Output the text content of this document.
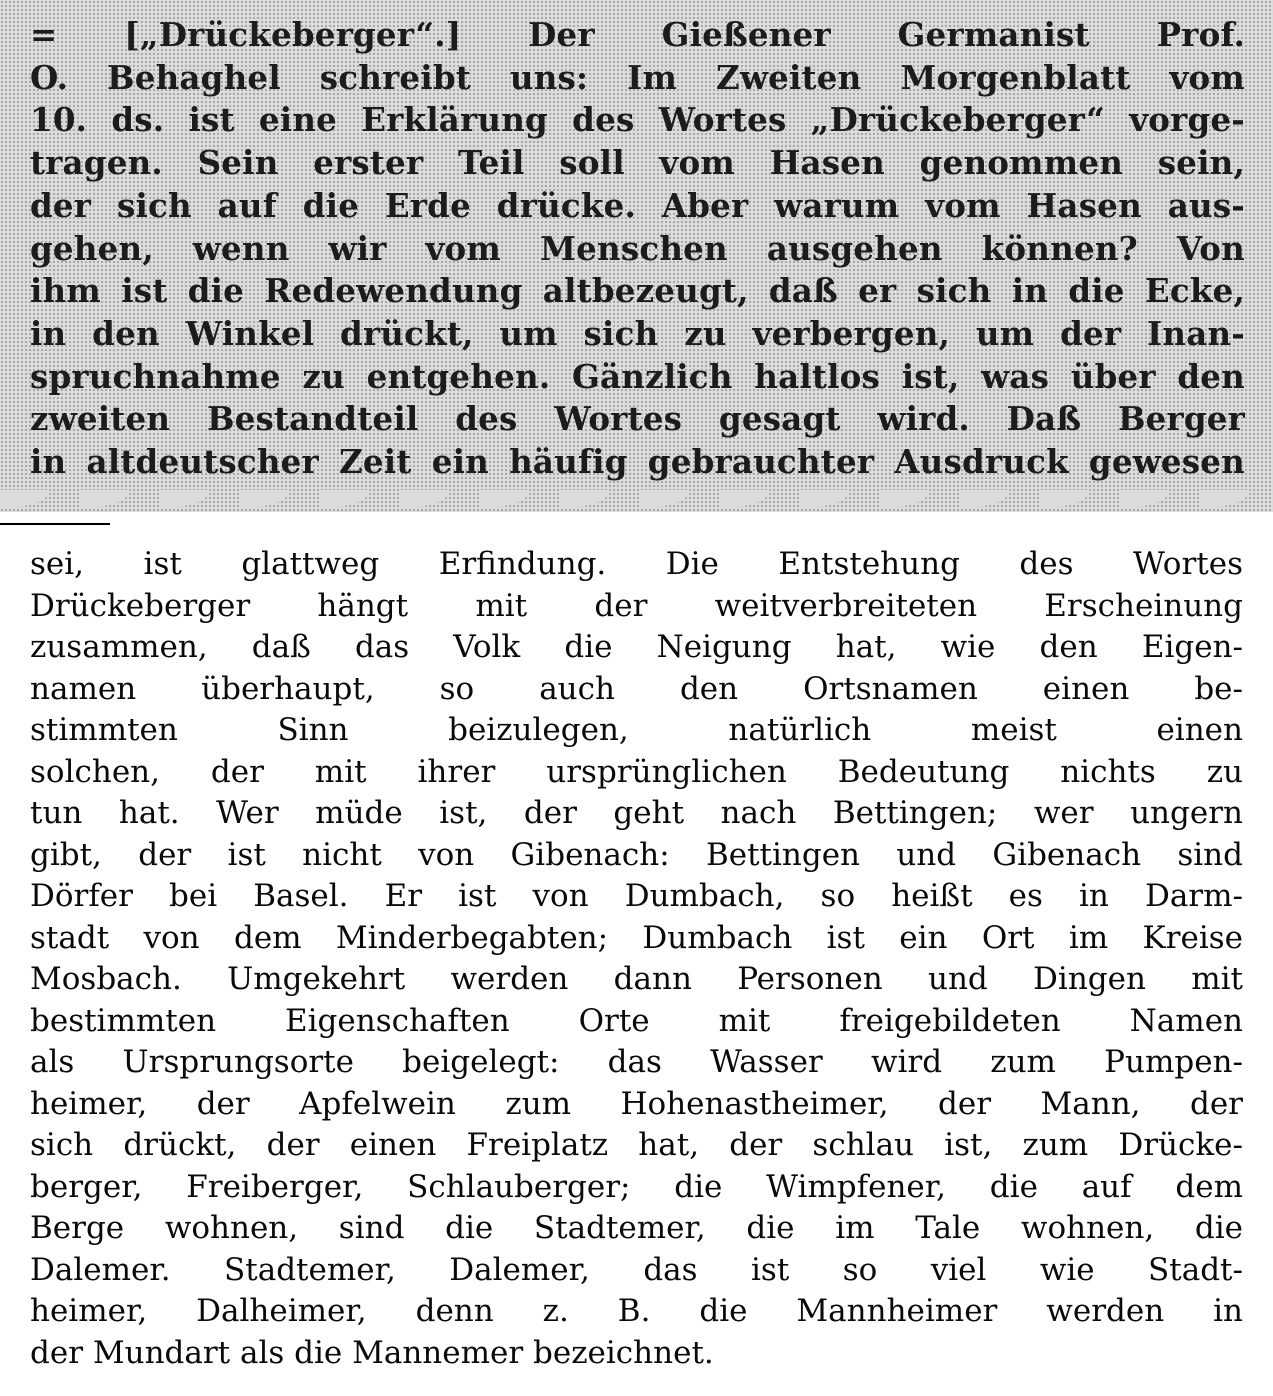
= [„Drückeberger“.] Der Gießener Germanist Prof.
O. Behaghel schreibt uns: Im Zweiten Morgenblatt vom
10. ds. ist eine Erklärung des Wortes „Drückeberger“ vorge-
tragen. Sein erster Teil soll vom Hasen genommen sein,
der sich auf die Erde drücke. Aber warum vom Hasen aus-
gehen, wenn wir vom Menschen ausgehen können? Von
ihm ist die Redewendung altbezeugt, daß er sich in die Ecke,
in den Winkel drückt, um sich zu verbergen, um der Inan-
spruchnahme zu entgehen. Gänzlich haltlos ist, was über den
zweiten Bestandteil des Wortes gesagt wird. Daß Berger
in altdeutscher Zeit ein häufig gebrauchter Ausdruck gewesen
sei, ist glattweg Erfindung. Die Entstehung des Wortes
Drückeberger hängt mit der weitverbreiteten Erscheinung
zusammen, daß das Volk die Neigung hat, wie den Eigen-
namen überhaupt, so auch den Ortsnamen einen be-
stimmten Sinn beizulegen, natürlich meist einen
solchen, der mit ihrer ursprünglichen Bedeutung nichts zu
tun hat. Wer müde ist, der geht nach Bettingen; wer ungern
gibt, der ist nicht von Gibenach: Bettingen und Gibenach sind
Dörfer bei Basel. Er ist von Dumbach, so heißt es in Darm-
stadt von dem Minderbegabten; Dumbach ist ein Ort im Kreise
Mosbach. Umgekehrt werden dann Personen und Dingen mit
bestimmten Eigenschaften Orte mit freigebildeten Namen
als Ursprungsorte beigelegt: das Wasser wird zum Pumpen-
heimer, der Apfelwein zum Hohenastheimer, der Mann, der
sich drückt, der einen Freiplatz hat, der schlau ist, zum Drücke-
berger, Freiberger, Schlauberger; die Wimpfener, die auf dem
Berge wohnen, sind die Stadtemer, die im Tale wohnen, die
Dalemer. Stadtemer, Dalemer, das ist so viel wie Stadt-
heimer, Dalheimer, denn z. B. die Mannheimer werden in
der Mundart als die Mannemer bezeichnet.
